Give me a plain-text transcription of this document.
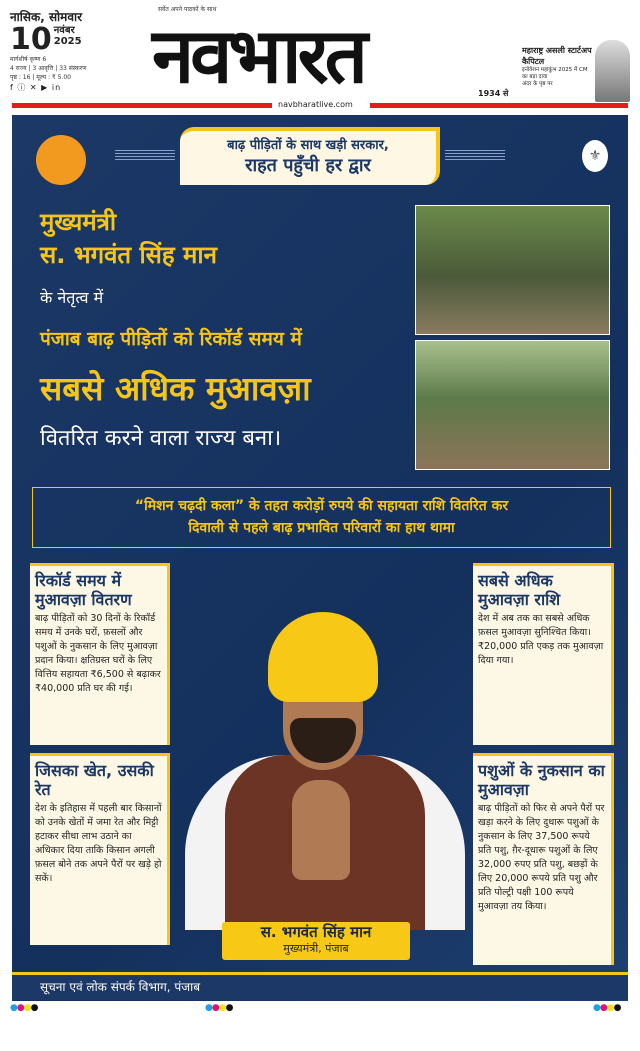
नासिक, सोमवार
10 नवंबर
2025
मार्गशीर्ष कृष्ण 6
4 राज्य | 3 आवृत्ति | 33 संस्करण
पृष्ठ : 16 | मूल्य : ₹ 5.00
f ⓘ ✕ ▶ in
सर्वेत अपने पाठकों के साथ
नवभारत	1934 से
navbharatlive.com
महाराष्ट्र असली स्टार्टअप कैपिटल
इनोवेशन महाकुंभ 2025 में CM का बड़ा दावा
अंदर के पृष्ठ पर
⚜
बाढ़ पीड़ितों के साथ खड़ी सरकार,
राहत पहुँची हर द्वार
मुख्यमंत्री
स. भगवंत सिंह मान
के नेतृत्व में
पंजाब बाढ़ पीड़ितों को रिकॉर्ड समय में
सबसे अधिक मुआवज़ा
वितरित करने वाला राज्य बना।
“मिशन चढ़दी कला” के तहत करोड़ों रुपये की सहायता राशि वितरित कर
दिवाली से पहले बाढ़ प्रभावित परिवारों का हाथ थामा
रिकॉर्ड समय में मुआवज़ा वितरण
बाढ़ पीड़ितों को 30 दिनों के रिकॉर्ड समय में उनके घरों, फ़सलों और पशुओं के नुकसान के लिए मुआवज़ा प्रदान किया। क्षतिग्रस्त घरों के लिए वित्तिय सहायता ₹6,500 से बढ़ाकर ₹40,000 प्रति घर की गई।
सबसे अधिक मुआवज़ा राशि
देश में अब तक का सबसे अधिक फ़सल मुआवज़ा सुनिश्चित किया। ₹20,000 प्रति एकड़ तक मुआवज़ा दिया गया।
जिसका खेत, उसकी रेत
देश के इतिहास में पहली बार किसानों को उनके खेतों में जमा रेत और मिट्टी हटाकर सीधा लाभ उठाने का अधिकार दिया ताकि किसान अगली फ़सल बोने तक अपने पैरों पर खड़े हो सकें।
पशुओं के नुकसान का मुआवज़ा
बाढ़ पीड़ितों को फिर से अपने पैरों पर खड़ा करने के लिए दुधारू पशुओं के नुकसान के लिए 37,500 रूपये प्रति पशु, ग़ैर-दूधारू पशुओं के लिए 32,000 रुपए प्रति पशु, बछड़ों के लिए 20,000 रूपये प्रति पशु और प्रति पोल्ट्री पक्षी 100 रूपये मुआवज़ा तय किया।
स. भगवंत सिंह मान
मुख्यमंत्री, पंजाब
सूचना एवं लोक संपर्क विभाग, पंजाब
●●●●	●●●●	●●●●
